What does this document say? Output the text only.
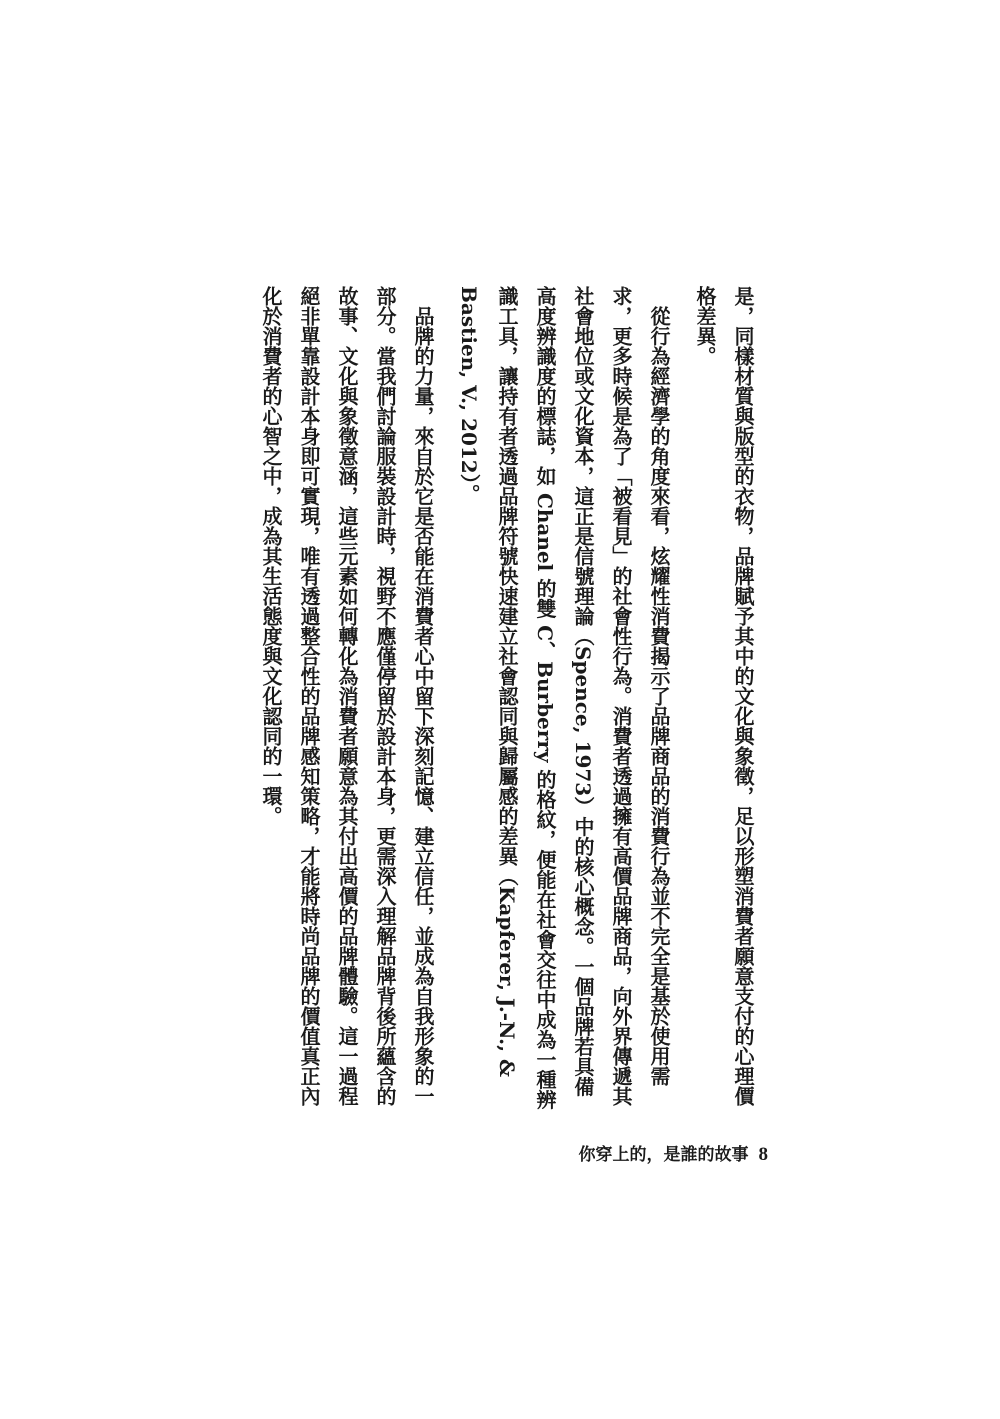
是，同樣材質與版型的衣物，品牌賦予其中的文化與象徵，足以形塑消費者願意支付的心理價格差異。

　從行為經濟學的角度來看，炫耀性消費揭示了品牌商品的消費行為並不完全是基於使用需求，更多時候是為了「被看見」的社會性行為。消費者透過擁有高價品牌商品，向外界傳遞其社會地位或文化資本，這正是信號理論（Spence, 1973）中的核心概念。一個品牌若具備高度辨識度的標誌，如 Chanel 的雙 C、Burberry 的格紋，便能在社會交往中成為一種辨識工具，讓持有者透過品牌符號快速建立社會認同與歸屬感的差異（Kapferer, J.-N., & Bastien, V., 2012）。

　品牌的力量，來自於它是否能在消費者心中留下深刻記憶、建立信任，並成為自我形象的一部分。當我們討論服裝設計時，視野不應僅停留於設計本身，更需深入理解品牌背後所蘊含的故事、文化與象徵意涵，這些元素如何轉化為消費者願意為其付出高價的品牌體驗。這一過程絕非單靠設計本身即可實現，唯有透過整合性的品牌感知策略，才能將時尚品牌的價值真正內化於消費者的心智之中，成為其生活態度與文化認同的一環。

你穿上的，是誰的故事 8
